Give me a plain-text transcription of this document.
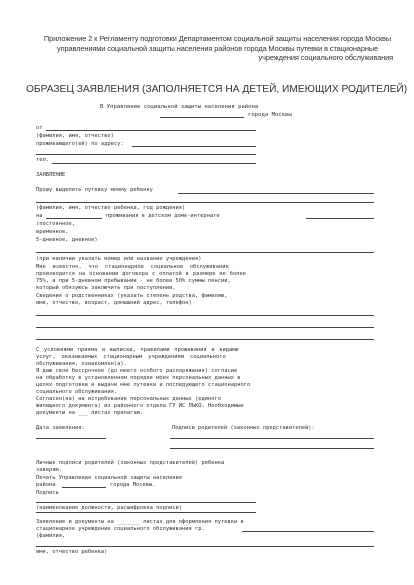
Приложение 2 к Регламенту подготовки Департаментом социальной защиты населения города Москвы
управлениями социальной защиты населения районов города Москвы путевки в стационарные
учреждения социального обслуживания
ОБРАЗЕЦ ЗАЯВЛЕНИЯ (ЗАПОЛНЯЕТСЯ НА ДЕТЕЙ, ИМЕЮЩИХ РОДИТЕЛЕЙ)
В Управление социальной защиты населения района
города Москвы
от
(фамилия, имя, отчество)
проживающего(ей) по адресу:
тел.
ЗАЯВЛЕНИЕ
Прошу выделить путевку моему ребенку
(фамилия, имя, отчество ребенка, год рождения)
на	проживания в детском доме-интернате
(постоянное,
временное,
5-дневное, дневное)
(при наличии указать номер или название учреждения)
Мне известно, что стационарное социальное обслуживание
производится на основании договора с оплатой в размере не более
75%, а при 5-дневном пребывании - не более 50% суммы пенсии,
который обязуюсь заключить при поступлении.
Сведения о родственниках (указать степень родства, фамилию,
имя, отчество, возраст, домашний адрес, телефон)
С условиями приема и выписки, правилами проживания и видами
услуг, оказываемых стационарным учреждением социального
обслуживания, ознакомлен(а).
Я даю свое бессрочное (до моего особого распоряжения) согласие
на обработку в установленном порядке моих персональных данных в
целях подготовки и выдачи мне путевки и последующего стационарного
социального обслуживания.
Согласен(на) на истребование персональных данных (единого
жилищного документа) из районного отдела ГУ ИС ЛЬКО. Необходимые
документы на ___ листах прилагаю.
Дата заявления:	Подписи родителей (законных представителей):
Личные подписи родителей (законных представителей) ребенка
заверяю.
Печать Управления социальной защиты населения
района	города Москвы.
Подпись
(наименование должности, расшифровка подписи)
Заявление и документы на _______ листах для оформления путевки в
стационарное учреждение социального обслуживания гр.
(фамилия,
имя, отчество ребенка)
